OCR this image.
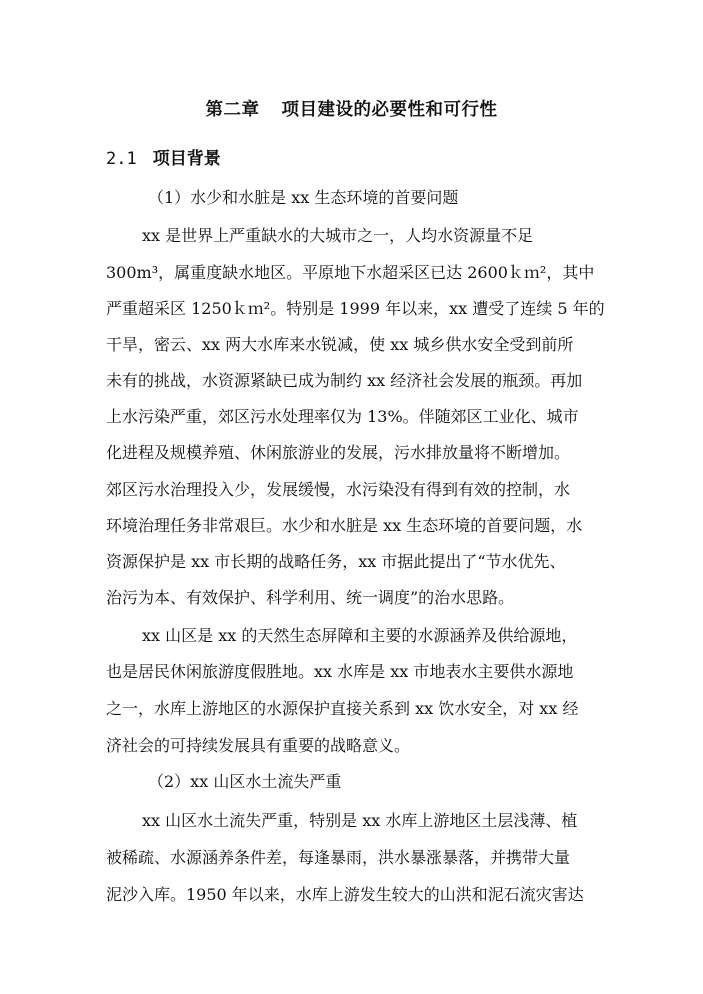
第二章 项目建设的必要性和可行性
2.1 项目背景
（1）水少和水脏是 xx 生态环境的首要问题
xx 是世界上严重缺水的大城市之一，人均水资源量不足
300m³，属重度缺水地区。平原地下水超采区已达 2600ｋｍ²，其中
严重超采区 1250ｋｍ²。特别是 1999 年以来，xx 遭受了连续 5 年的
干旱，密云、xx 两大水库来水锐减，使 xx 城乡供水安全受到前所
未有的挑战，水资源紧缺已成为制约 xx 经济社会发展的瓶颈。再加
上水污染严重，郊区污水处理率仅为 13%。伴随郊区工业化、城市
化进程及规模养殖、休闲旅游业的发展，污水排放量将不断增加。
郊区污水治理投入少，发展缓慢，水污染没有得到有效的控制，水
环境治理任务非常艰巨。水少和水脏是 xx 生态环境的首要问题，水
资源保护是 xx 市长期的战略任务，xx 市据此提出了“节水优先、
治污为本、有效保护、科学利用、统一调度”的治水思路。
xx 山区是 xx 的天然生态屏障和主要的水源涵养及供给源地，
也是居民休闲旅游度假胜地。xx 水库是 xx 市地表水主要供水源地
之一，水库上游地区的水源保护直接关系到 xx 饮水安全，对 xx 经
济社会的可持续发展具有重要的战略意义。
（2）xx 山区水土流失严重
xx 山区水土流失严重，特别是 xx 水库上游地区土层浅薄、植
被稀疏、水源涵养条件差，每逢暴雨，洪水暴涨暴落，并携带大量
泥沙入库。1950 年以来，水库上游发生较大的山洪和泥石流灾害达
